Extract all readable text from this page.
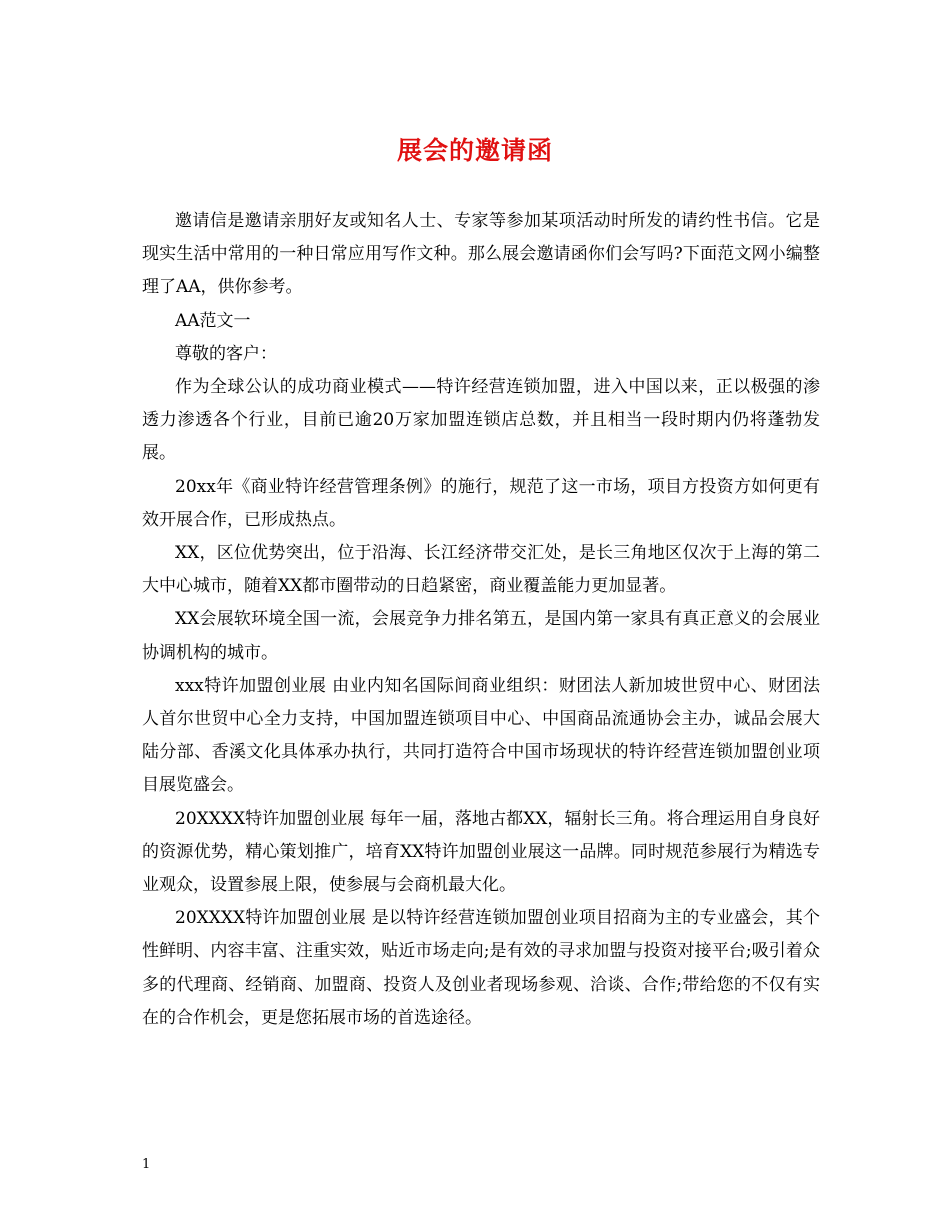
展会的邀请函

邀请信是邀请亲朋好友或知名人士、专家等参加某项活动时所发的请约性书信。它是现实生活中常用的一种日常应用写作文种。那么展会邀请函你们会写吗?下面范文网小编整理了AA，供你参考。

AA范文一

尊敬的客户：

作为全球公认的成功商业模式——特许经营连锁加盟，进入中国以来，正以极强的渗透力渗透各个行业，目前已逾20万家加盟连锁店总数，并且相当一段时期内仍将蓬勃发展。

20xx年《商业特许经营管理条例》的施行，规范了这一市场，项目方投资方如何更有效开展合作，已形成热点。

XX，区位优势突出，位于沿海、长江经济带交汇处，是长三角地区仅次于上海的第二大中心城市，随着XX都市圈带动的日趋紧密，商业覆盖能力更加显著。

XX会展软环境全国一流，会展竞争力排名第五，是国内第一家具有真正意义的会展业协调机构的城市。

xxx特许加盟创业展 由业内知名国际间商业组织：财团法人新加坡世贸中心、财团法人首尔世贸中心全力支持，中国加盟连锁项目中心、中国商品流通协会主办，诚品会展大陆分部、香溪文化具体承办执行，共同打造符合中国市场现状的特许经营连锁加盟创业项目展览盛会。

20XXXX特许加盟创业展 每年一届，落地古都XX，辐射长三角。将合理运用自身良好的资源优势，精心策划推广，培育XX特许加盟创业展这一品牌。同时规范参展行为精选专业观众，设置参展上限，使参展与会商机最大化。

20XXXX特许加盟创业展 是以特许经营连锁加盟创业项目招商为主的专业盛会，其个性鲜明、内容丰富、注重实效，贴近市场走向;是有效的寻求加盟与投资对接平台;吸引着众多的代理商、经销商、加盟商、投资人及创业者现场参观、洽谈、合作;带给您的不仅有实在的合作机会，更是您拓展市场的首选途径。

1
